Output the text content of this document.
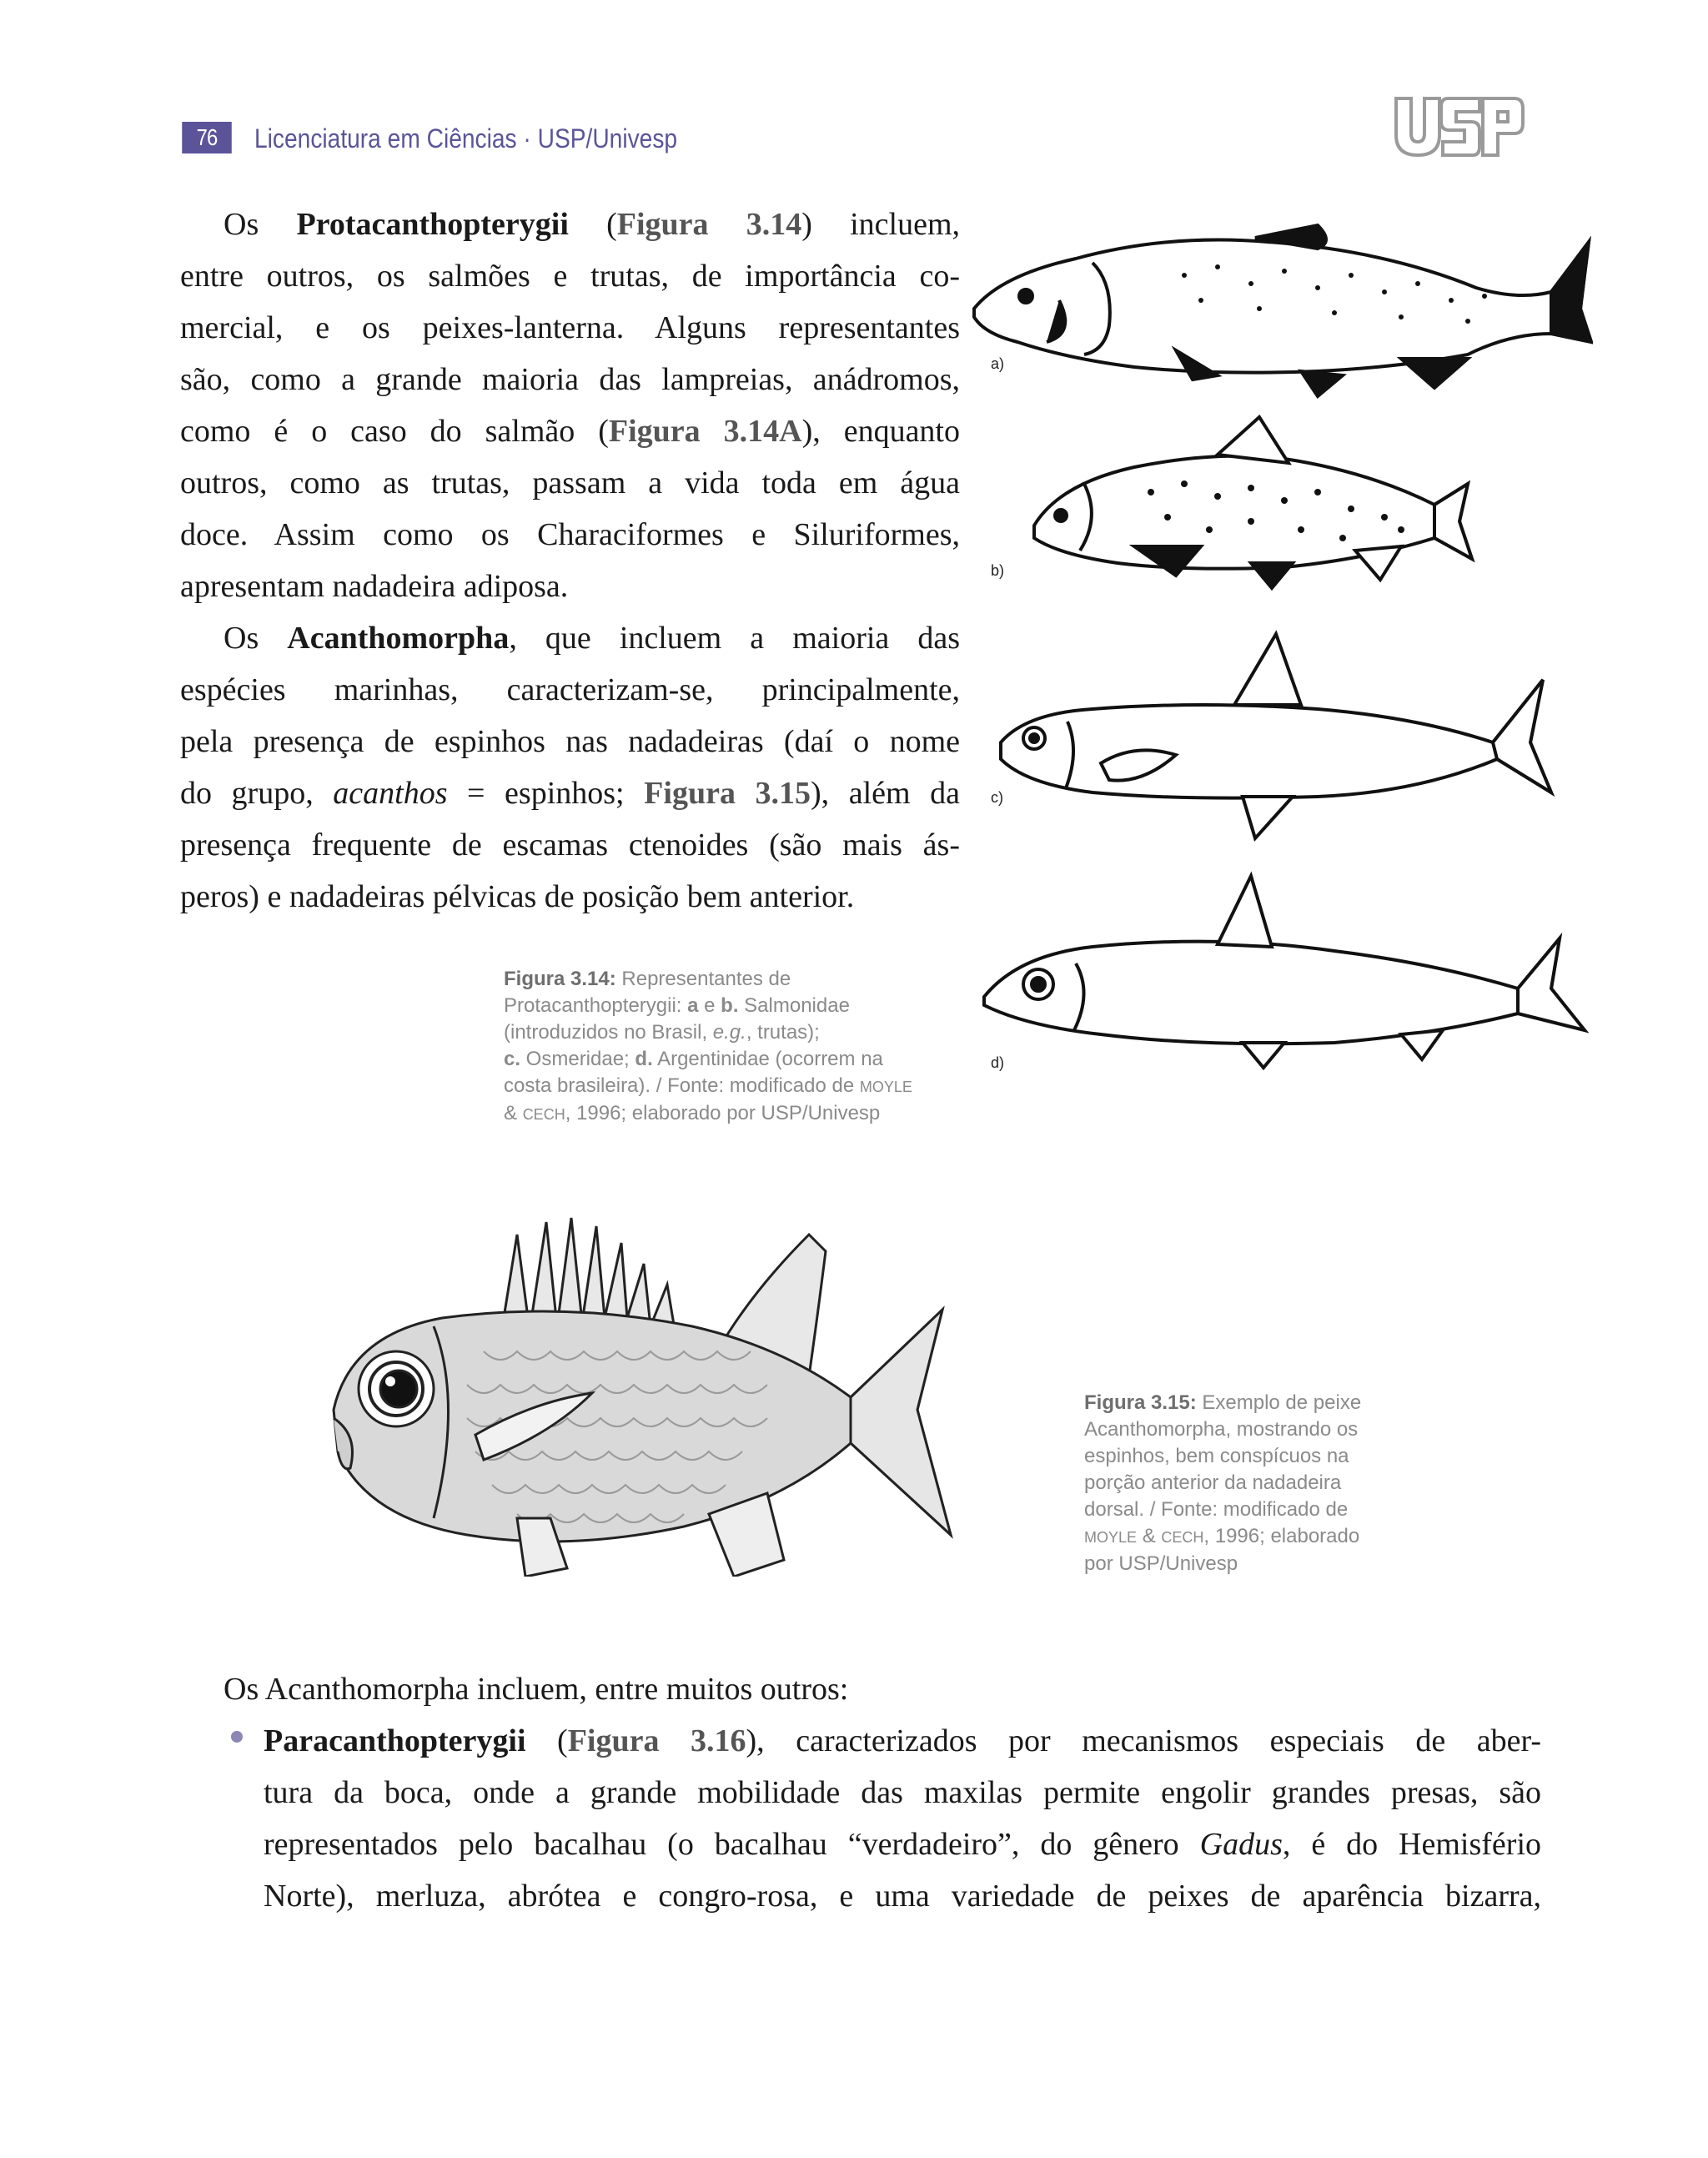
76	Licenciatura em Ciências · USP/Univesp
Os Protacanthopterygii (Figura 3.14) incluem,
entre outros, os salmões e trutas, de importância co-
mercial, e os peixes-lanterna. Alguns representantes
são, como a grande maioria das lampreias, anádromos,
como é o caso do salmão (Figura 3.14A), enquanto
outros, como as trutas, passam a vida toda em água
doce. Assim como os Characiformes e Siluriformes,
apresentam nadadeira adiposa.
Os Acanthomorpha, que incluem a maioria das
espécies marinhas, caracterizam-se, principalmente,
pela presença de espinhos nas nadadeiras (daí o nome
do grupo, acanthos = espinhos; Figura 3.15), além da
presença frequente de escamas ctenoides (são mais ás-
peros) e nadadeiras pélvicas de posição bem anterior.
a)
b)
c)
d)
Figura 3.14: Representantes de
Protacanthopterygii: a e b. Salmonidae
(introduzidos no Brasil, e.g., trutas);
c. Osmeridae; d. Argentinidae (ocorrem na
costa brasileira). / Fonte: modificado de MOYLE
& CECH, 1996; elaborado por USP/Univesp
Figura 3.15: Exemplo de peixe
Acanthomorpha, mostrando os
espinhos, bem conspícuos na
porção anterior da nadadeira
dorsal. / Fonte: modificado de
MOYLE & CECH, 1996; elaborado
por USP/Univesp
Os Acanthomorpha incluem, entre muitos outros:
Paracanthopterygii (Figura 3.16), caracterizados por mecanismos especiais de aber-
tura da boca, onde a grande mobilidade das maxilas permite engolir grandes presas, são
representados pelo bacalhau (o bacalhau “verdadeiro”, do gênero Gadus, é do Hemisfério
Norte), merluza, abrótea e congro-rosa, e uma variedade de peixes de aparência bizarra,
